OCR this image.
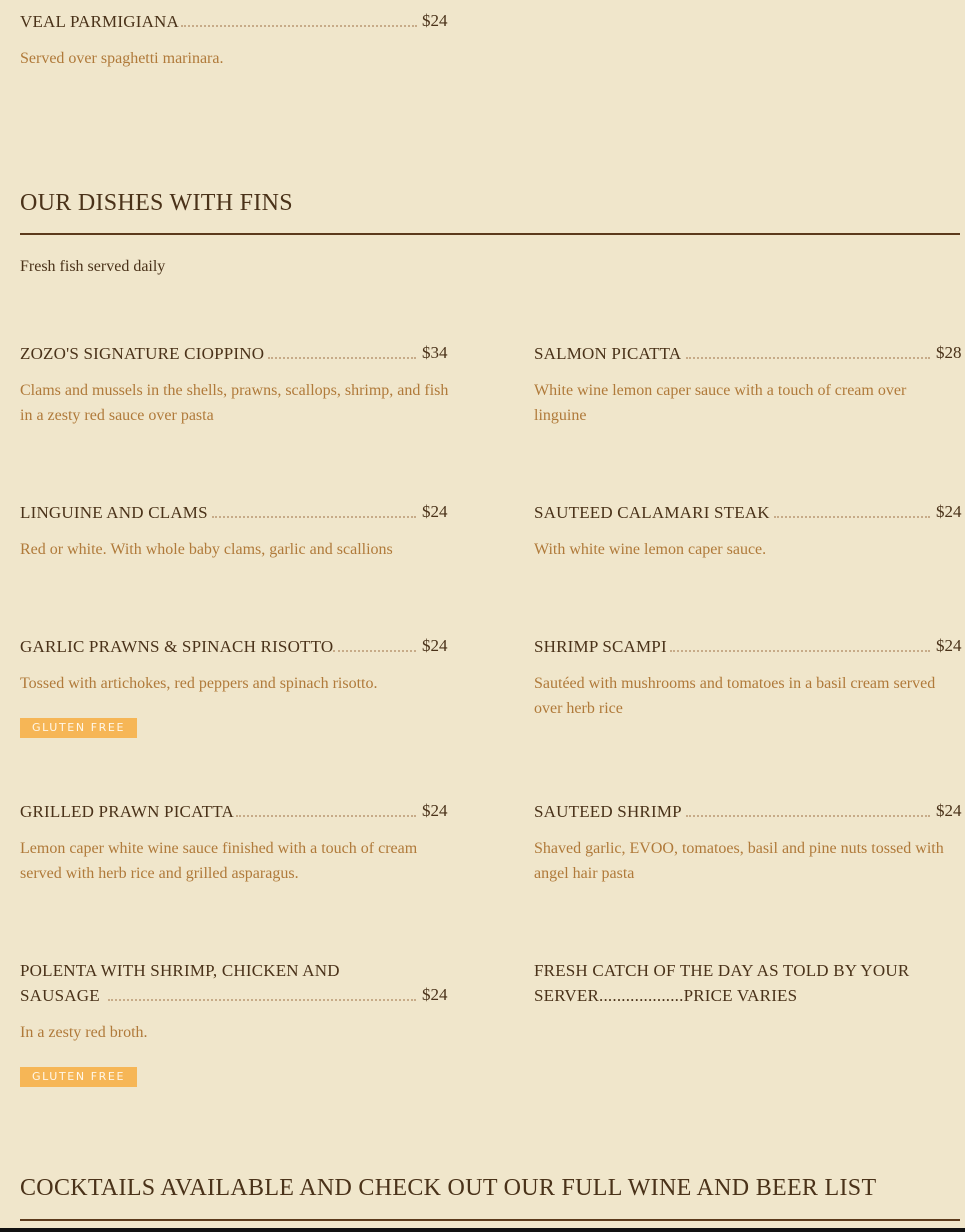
VEAL PARMIGIANA	$24
Served over spaghetti marinara.
OUR DISHES WITH FINS
Fresh fish served daily
ZOZO'S SIGNATURE CIOPPINO	$34
Clams and mussels in the shells, prawns, scallops, shrimp, and fish in a zesty red sauce over pasta
SALMON PICATTA	$28
White wine lemon caper sauce with a touch of cream over linguine
LINGUINE AND CLAMS	$24
Red or white. With whole baby clams, garlic and scallions
SAUTEED CALAMARI STEAK	$24
With white wine lemon caper sauce.
GARLIC PRAWNS & SPINACH RISOTTO	$24
Tossed with artichokes, red peppers and spinach risotto.
GLUTEN FREE
SHRIMP SCAMPI	$24
Sautéed with mushrooms and tomatoes in a basil cream served over herb rice
GRILLED PRAWN PICATTA	$24
Lemon caper white wine sauce finished with a touch of cream served with herb rice and grilled asparagus.
SAUTEED SHRIMP	$24
Shaved garlic, EVOO, tomatoes, basil and pine nuts tossed with angel hair pasta
POLENTA WITH SHRIMP, CHICKEN AND
SAUSAGE	$24
In a zesty red broth.
GLUTEN FREE
FRESH CATCH OF THE DAY AS TOLD BY YOUR
SERVER...................PRICE VARIES
COCKTAILS AVAILABLE AND CHECK OUT OUR FULL WINE AND BEER LIST
